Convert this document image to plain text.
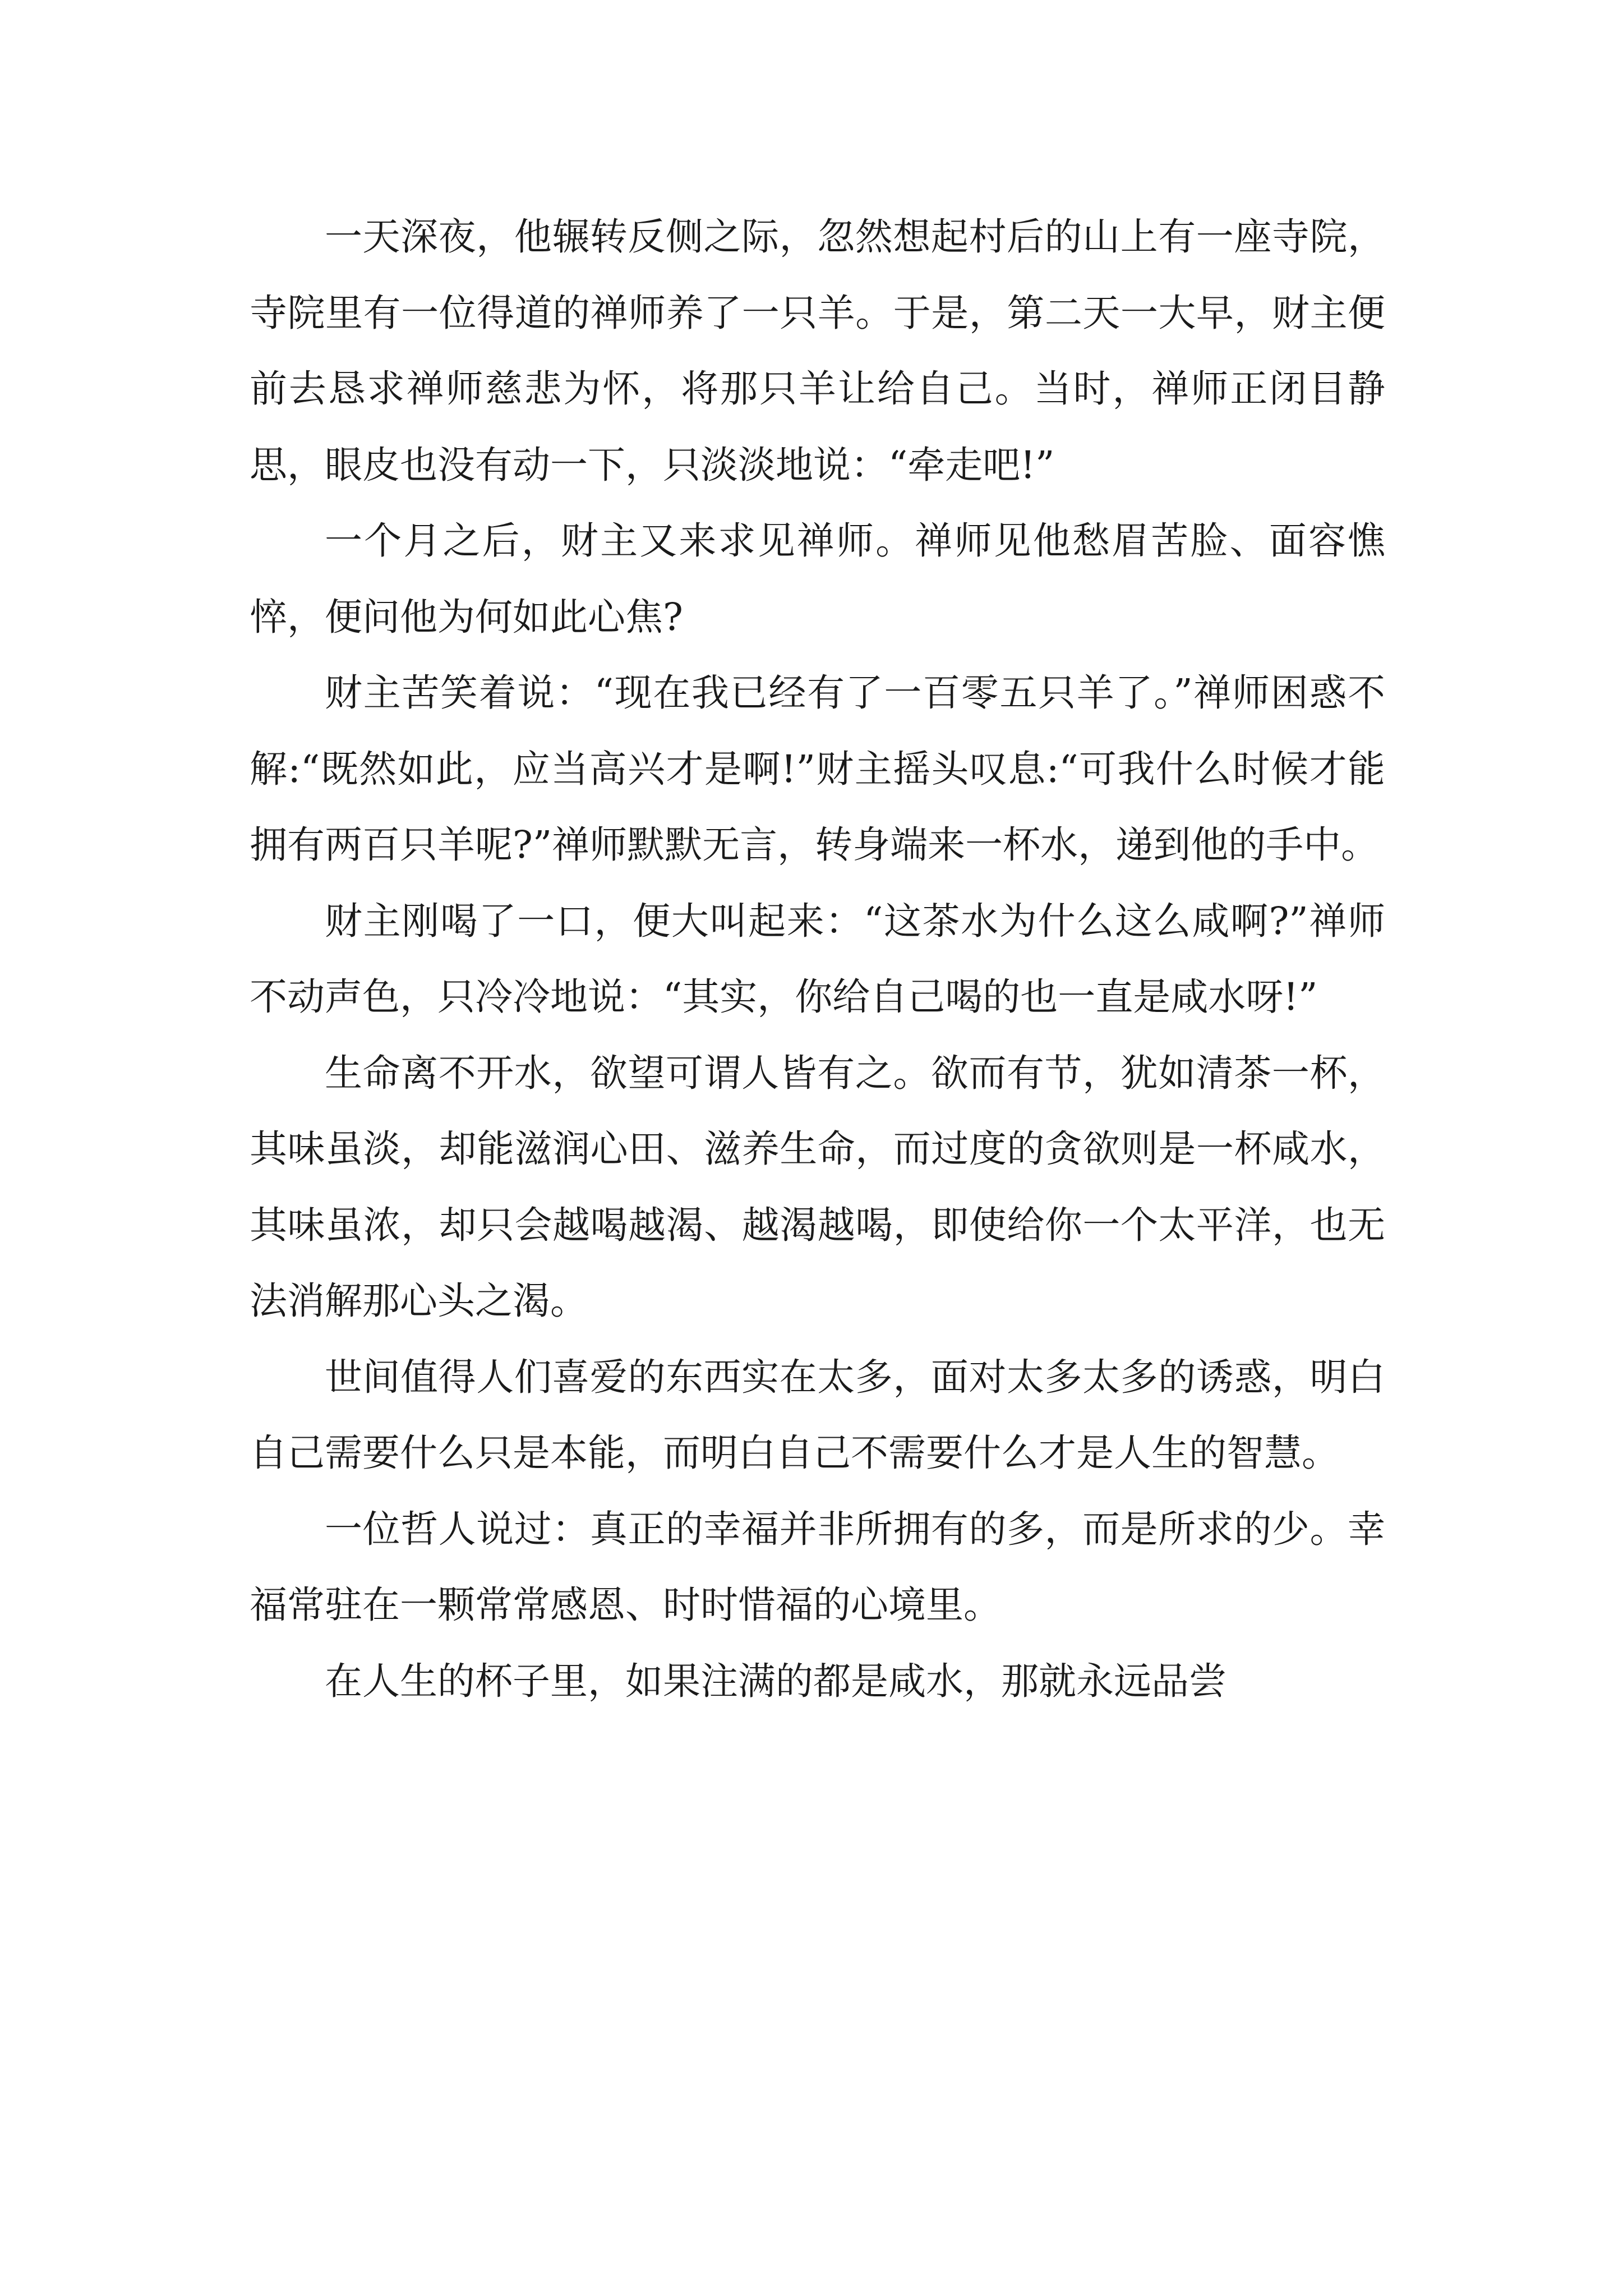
一天深夜，他辗转反侧之际，忽然想起村后的山上有一座寺院，寺院里有一位得道的禅师养了一只羊。于是，第二天一大早，财主便前去恳求禅师慈悲为怀，将那只羊让给自己。当时，禅师正闭目静思，眼皮也没有动一下，只淡淡地说：“牵走吧!”

一个月之后，财主又来求见禅师。禅师见他愁眉苦脸、面容憔悴，便问他为何如此心焦?

财主苦笑着说：“现在我已经有了一百零五只羊了。”禅师困惑不解:“既然如此，应当高兴才是啊!”财主摇头叹息:“可我什么时候才能拥有两百只羊呢?”禅师默默无言，转身端来一杯水，递到他的手中。

财主刚喝了一口，便大叫起来：“这茶水为什么这么咸啊?”禅师不动声色，只冷冷地说：“其实，你给自己喝的也一直是咸水呀!”

生命离不开水，欲望可谓人皆有之。欲而有节，犹如清茶一杯，其味虽淡，却能滋润心田、滋养生命，而过度的贪欲则是一杯咸水，其味虽浓，却只会越喝越渴、越渴越喝，即使给你一个太平洋，也无法消解那心头之渴。

世间值得人们喜爱的东西实在太多，面对太多太多的诱惑，明白自己需要什么只是本能，而明白自己不需要什么才是人生的智慧。

一位哲人说过：真正的幸福并非所拥有的多，而是所求的少。幸福常驻在一颗常常感恩、时时惜福的心境里。

在人生的杯子里，如果注满的都是咸水，那就永远品尝
